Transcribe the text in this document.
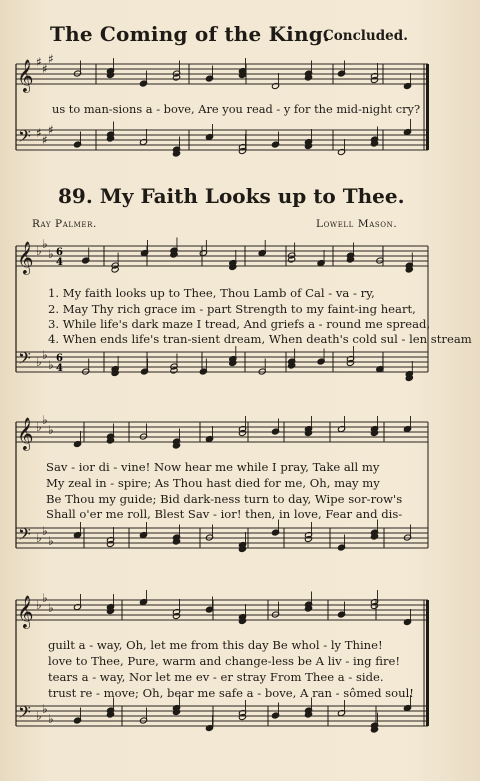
The Coming of the King.
Concluded.
𝄞
𝄢
♯ ♯
♯
♯ ♯
♯
us to man-sions a - bove, Are you read - y for the mid-night cry?
89. My Faith Looks up to Thee.
Ray Palmer.	Lowell Mason.
𝄞
𝄢
♭ ♭
♭
♭ ♭
♭
6
4
6
4
1. My faith looks up to Thee, Thou Lamb of Cal - va - ry,
2. May Thy rich grace im - part Strength to my faint-ing heart,
3. While life's dark maze I tread, And griefs a - round me spread,
4. When ends life's tran-sient dream, When death's cold sul - len stream
𝄞
𝄢
♭ ♭
♭
♭ ♭
♭
Sav - ior di - vine! Now hear me while I pray, Take all my
My zeal in - spire; As Thou hast died for me, Oh, may my
Be Thou my guide; Bid dark-ness turn to day, Wipe sor-row's
Shall o'er me roll, Blest Sav - ior! then, in love, Fear and dis-
𝄞
𝄢
♭ ♭
♭
♭ ♭
♭
guilt a - way, Oh, let me from this day Be whol - ly Thine!
love to Thee, Pure, warm and change-less be A liv - ing fire!
tears a - way, Nor let me ev - er stray From Thee a - side.
trust re - move; Oh, bear me safe a - bove, A ran - sômed soul!
